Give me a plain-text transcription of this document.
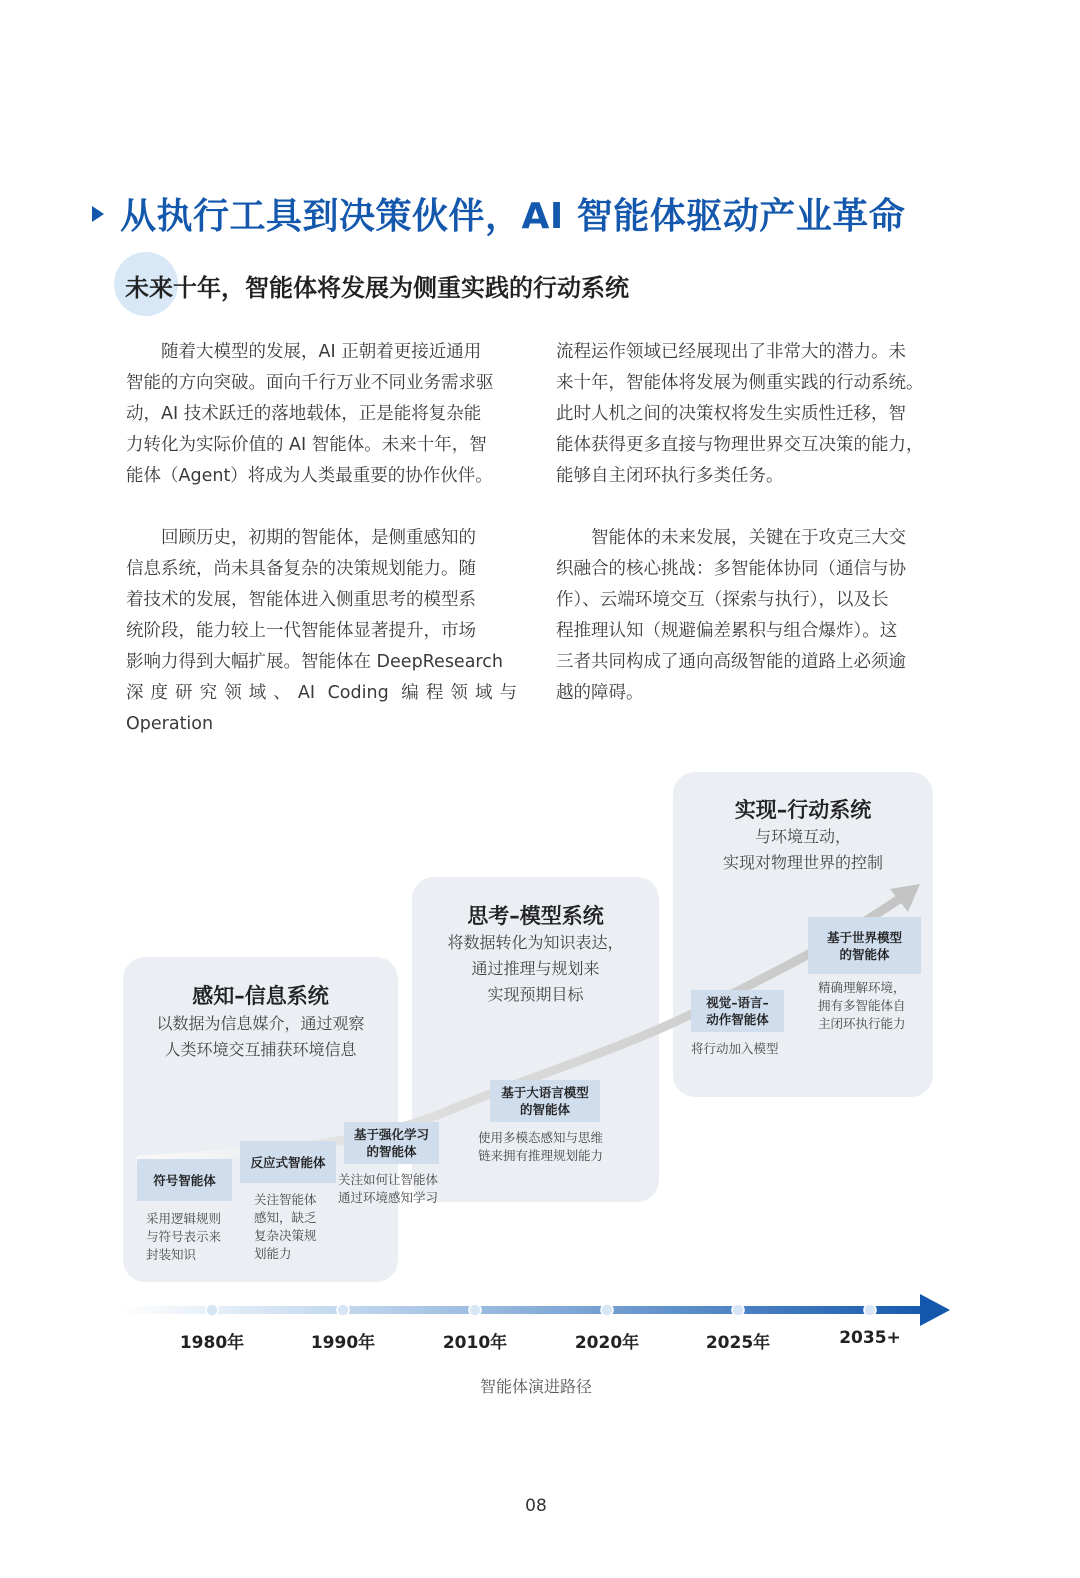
从执行工具到决策伙伴，AI 智能体驱动产业革命
未来十年，智能体将发展为侧重实践的行动系统
　　随着大模型的发展，AI 正朝着更接近通用
智能的方向突破。面向千行万业不同业务需求驱
动，AI 技术跃迁的落地载体，正是能将复杂能
力转化为实际价值的 AI 智能体。未来十年，智
能体（Agent）将成为人类最重要的协作伙伴。
　　回顾历史，初期的智能体，是侧重感知的
信息系统，尚未具备复杂的决策规划能力。随
着技术的发展，智能体进入侧重思考的模型系
统阶段，能力较上一代智能体显著提升，市场
影响力得到大幅扩展。智能体在 DeepResearch
深度研究领域、AI Coding 编程领域与 Operation
流程运作领域已经展现出了非常大的潜力。未
来十年，智能体将发展为侧重实践的行动系统。
此时人机之间的决策权将发生实质性迁移，智
能体获得更多直接与物理世界交互决策的能力，
能够自主闭环执行多类任务。
　　智能体的未来发展，关键在于攻克三大交
织融合的核心挑战：多智能体协同（通信与协
作）、云端环境交互（探索与执行），以及长
程推理认知（规避偏差累积与组合爆炸）。这
三者共同构成了通向高级智能的道路上必须逾
越的障碍。
感知–信息系统
以数据为信息媒介，通过观察
人类环境交互捕获环境信息
思考–模型系统
将数据转化为知识表达，
通过推理与规划来
实现预期目标
实现–行动系统
与环境互动，
实现对物理世界的控制
符号智能体
采用逻辑规则
与符号表示来
封装知识
反应式智能体
关注智能体
感知，缺乏
复杂决策规
划能力
基于强化学习
的智能体
关注如何让智能体
通过环境感知学习
基于大语言模型
的智能体
使用多模态感知与思维
链来拥有推理规划能力
视觉–语言–
动作智能体
将行动加入模型
基于世界模型
的智能体
精确理解环境，
拥有多智能体自
主闭环执行能力
1980年	1990年	2010年	2020年	2025年	2035+
智能体演进路径
08
